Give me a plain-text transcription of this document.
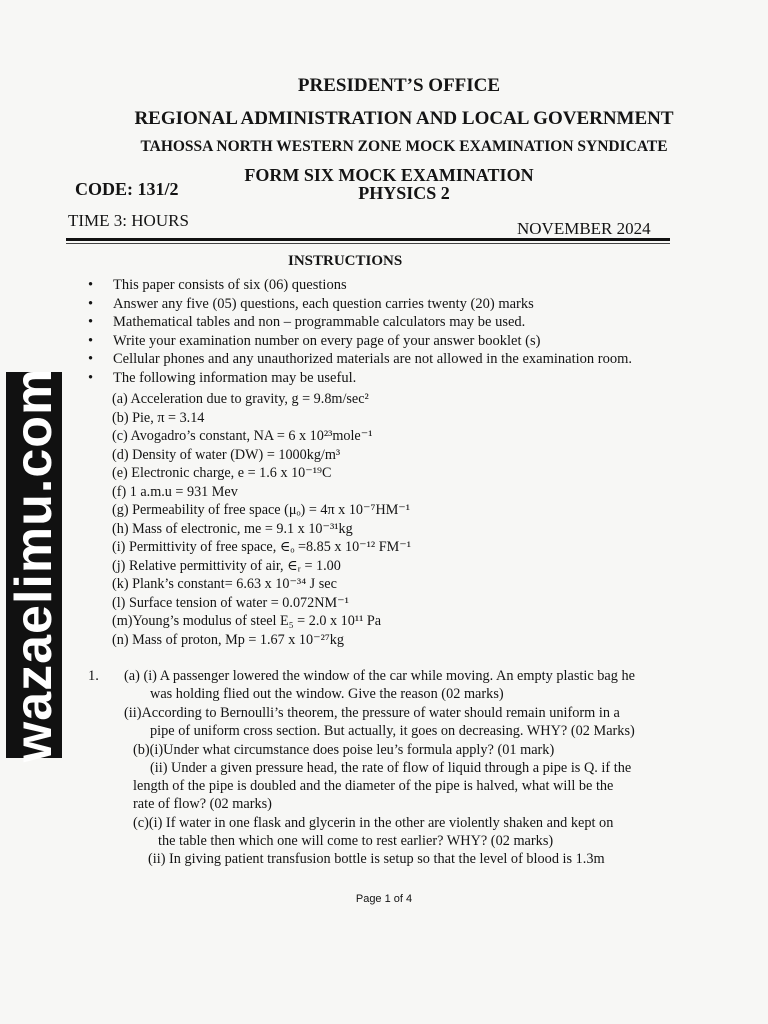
wazaelimu.com
PRESIDENT’S OFFICE
REGIONAL ADMINISTRATION AND LOCAL GOVERNMENT
TAHOSSA NORTH WESTERN ZONE MOCK EXAMINATION SYNDICATE
FORM SIX MOCK EXAMINATION
CODE: 131/2	PHYSICS 2
TIME 3: HOURS	NOVEMBER 2024
INSTRUCTIONS
• This paper consists of six (06) questions
• Answer any five (05) questions, each question carries twenty (20) marks
• Mathematical tables and non – programmable calculators may be used.
• Write your examination number on every page of your answer booklet (s)
• Cellular phones and any unauthorized materials are not allowed in the examination room.
• The following information may be useful.
(a) Acceleration due to gravity, g = 9.8m/sec²
(b) Pie, π = 3.14
(c) Avogadro’s constant, NA = 6 x 10²³mole⁻¹
(d) Density of water (DW) = 1000kg/m³
(e) Electronic charge, e = 1.6 x 10⁻¹⁹C
(f) 1 a.m.u = 931 Mev
(g) Permeability of free space (μₒ) = 4π x 10⁻⁷HM⁻¹
(h) Mass of electronic, me = 9.1 x 10⁻³¹kg
(i) Permittivity of free space, ∈ₒ =8.85 x 10⁻¹² FM⁻¹
(j) Relative permittivity of air, ∈ᵣ = 1.00
(k) Plank’s constant= 6.63 x 10⁻³⁴ J sec
(l) Surface tension of water = 0.072NM⁻¹
(m)Young’s modulus of steel E₅ = 2.0 x 10¹¹ Pa
(n) Mass of proton, Mp = 1.67 x 10⁻²⁷kg
1. (a) (i) A passenger lowered the window of the car while moving. An empty plastic bag he
was holding flied out the window. Give the reason (02 marks)
(ii)According to Bernoulli’s theorem, the pressure of water should remain uniform in a
pipe of uniform cross section. But actually, it goes on decreasing. WHY? (02 Marks)
(b)(i)Under what circumstance does poise leu’s formula apply? (01 mark)
(ii) Under a given pressure head, the rate of flow of liquid through a pipe is Q. if the
length of the pipe is doubled and the diameter of the pipe is halved, what will be the
rate of flow? (02 marks)
(c)(i) If water in one flask and glycerin in the other are violently shaken and kept on
the table then which one will come to rest earlier? WHY? (02 marks)
(ii) In giving patient transfusion bottle is setup so that the level of blood is 1.3m
Page 1 of 4
